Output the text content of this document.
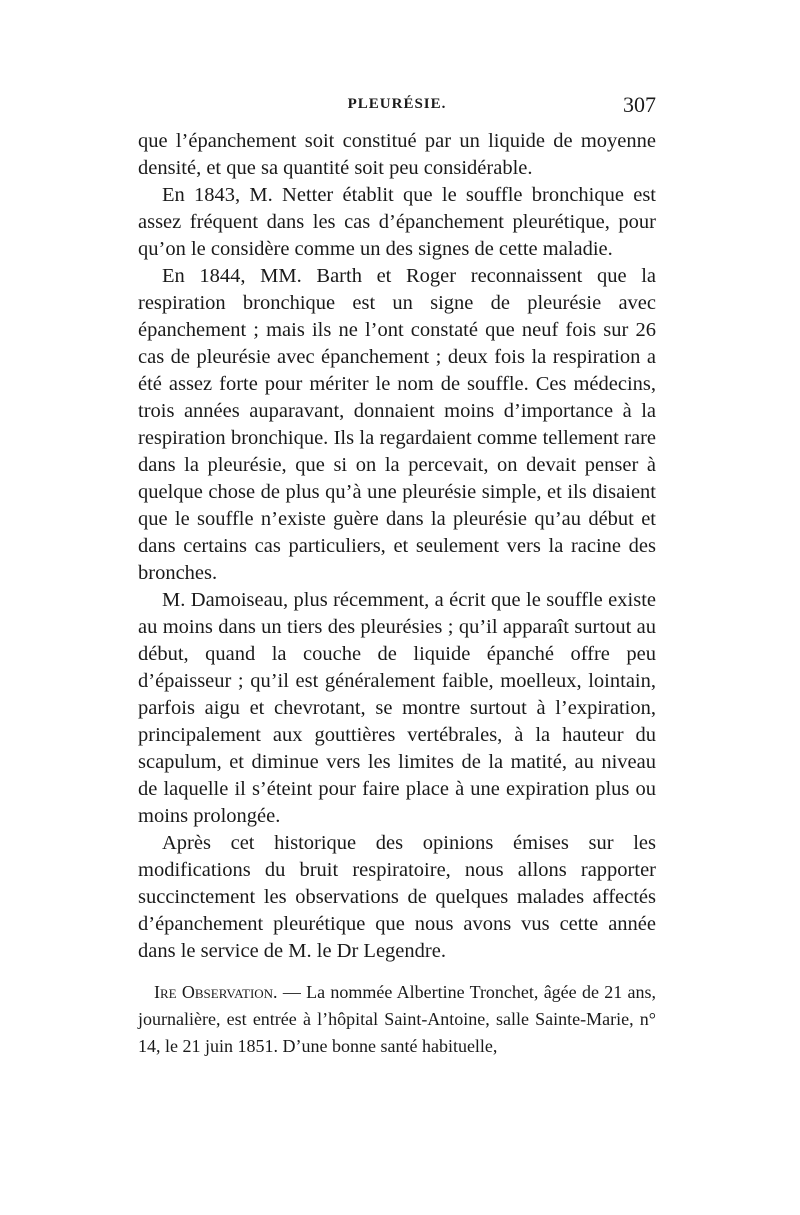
PLEURÉSIE.	307

que l’épanchement soit constitué par un liquide de moyenne densité, et que sa quantité soit peu considérable.

En 1843, M. Netter établit que le souffle bronchique est assez fréquent dans les cas d’épanchement pleurétique, pour qu’on le considère comme un des signes de cette maladie.

En 1844, MM. Barth et Roger reconnaissent que la respiration bronchique est un signe de pleurésie avec épanchement ; mais ils ne l’ont constaté que neuf fois sur 26 cas de pleurésie avec épanchement ; deux fois la respiration a été assez forte pour mériter le nom de souffle. Ces médecins, trois années auparavant, donnaient moins d’importance à la respiration bronchique. Ils la regardaient comme tellement rare dans la pleurésie, que si on la percevait, on devait penser à quelque chose de plus qu’à une pleurésie simple, et ils disaient que le souffle n’existe guère dans la pleurésie qu’au début et dans certains cas particuliers, et seulement vers la racine des bronches.

M. Damoiseau, plus récemment, a écrit que le souffle existe au moins dans un tiers des pleurésies ; qu’il apparaît surtout au début, quand la couche de liquide épanché offre peu d’épaisseur ; qu’il est généralement faible, moelleux, lointain, parfois aigu et chevrotant, se montre surtout à l’expiration, principalement aux gouttières vertébrales, à la hauteur du scapulum, et diminue vers les limites de la matité, au niveau de laquelle il s’éteint pour faire place à une expiration plus ou moins prolongée.

Après cet historique des opinions émises sur les modifications du bruit respiratoire, nous allons rapporter succinctement les observations de quelques malades affectés d’épanchement pleurétique que nous avons vus cette année dans le service de M. le Dr Legendre.

Ire Observation. — La nommée Albertine Tronchet, âgée de 21 ans, journalière, est entrée à l’hôpital Saint-Antoine, salle Sainte-Marie, n° 14, le 21 juin 1851. D’une bonne santé habituelle,
